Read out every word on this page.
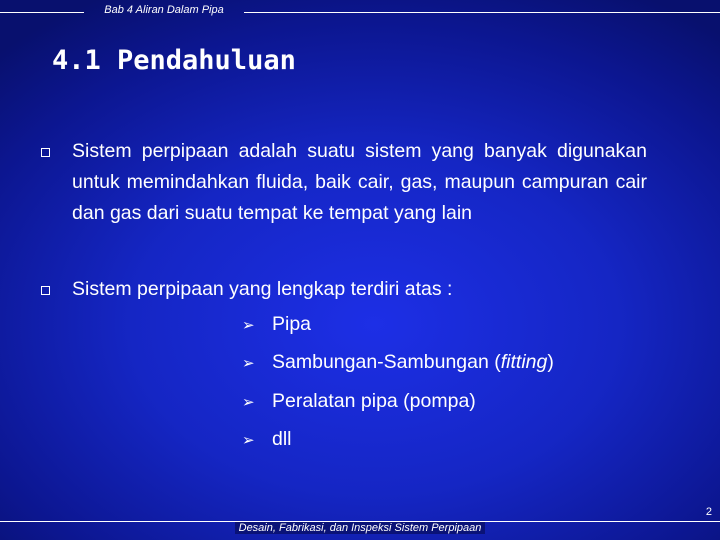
Bab 4 Aliran Dalam Pipa
4.1 Pendahuluan

Sistem perpipaan adalah suatu sistem yang banyak digunakan untuk memindahkan fluida, baik cair, gas, maupun campuran cair dan gas dari suatu tempat ke tempat yang lain

Sistem perpipaan yang lengkap terdiri atas :

➢ Pipa
➢ Sambungan-Sambungan (fitting)
➢ Peralatan pipa (pompa)
➢ dll
2
Desain, Fabrikasi, dan Inspeksi Sistem Perpipaan
